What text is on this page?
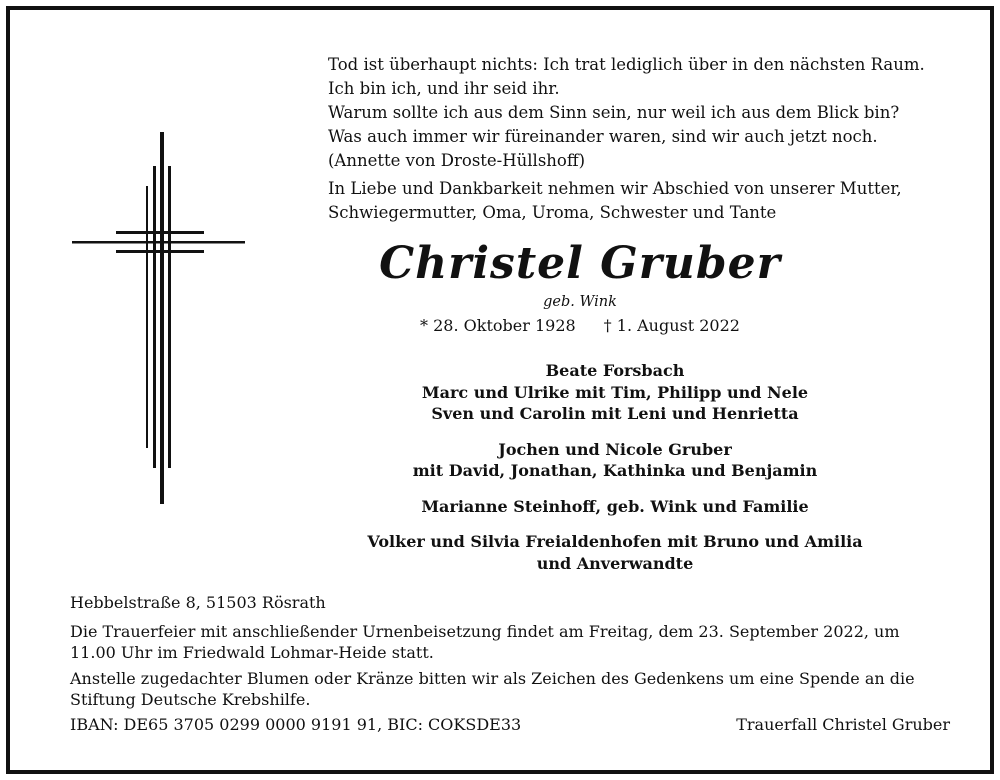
Tod ist überhaupt nichts: Ich trat lediglich über in den nächsten Raum.
Ich bin ich, und ihr seid ihr.
Warum sollte ich aus dem Sinn sein, nur weil ich aus dem Blick bin?
Was auch immer wir füreinander waren, sind wir auch jetzt noch.
(Annette von Droste-Hüllshoff)
In Liebe und Dankbarkeit nehmen wir Abschied von unserer Mutter,
Schwiegermutter, Oma, Uroma, Schwester und Tante
Christel Gruber
geb. Wink
* 28. Oktober 1928 † 1. August 2022
Beate Forsbach
Marc und Ulrike mit Tim, Philipp und Nele
Sven und Carolin mit Leni und Henrietta
Jochen und Nicole Gruber
mit David, Jonathan, Kathinka und Benjamin
Marianne Steinhoff, geb. Wink und Familie
Volker und Silvia Freialdenhofen mit Bruno und Amilia
und Anverwandte
Hebbelstraße 8, 51503 Rösrath
Die Trauerfeier mit anschließender Urnenbeisetzung findet am Freitag, dem 23. September 2022, um 11.00 Uhr im Friedwald Lohmar-Heide statt.
Anstelle zugedachter Blumen oder Kränze bitten wir als Zeichen des Gedenkens um eine Spende an die Stiftung Deutsche Krebshilfe.
IBAN: DE65 3705 0299 0000 9191 91, BIC: COKSDE33	Trauerfall Christel Gruber
